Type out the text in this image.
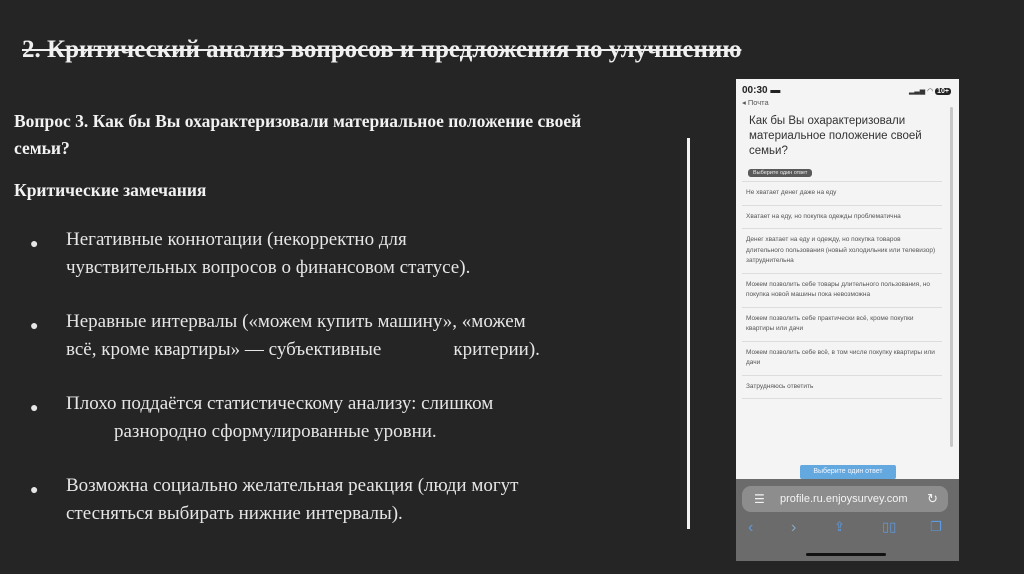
2. Критический анализ вопросов и предложения по улучшению
Вопрос 3. Как бы Вы охарактеризовали материальное положение своей семьи?
Критические замечания
● Негативные коннотации (некорректно для
чувствительных вопросов о финансовом статусе).
● Неравные интервалы («можем купить машину», «можем
всё, кроме квартиры» — субъективные	критерии).
● Плохо поддаётся статистическому анализу: слишком
разнородно сформулированные уровни.
● Возможна социально желательная реакция (люди могут
стесняться выбирать нижние интервалы).
00:30 ▬
◂ Почта
▂▃▅ ◠ 10+
Как бы Вы охарактеризовали материальное положение своей семьи?
Выберите один ответ
Не хватает денег даже на еду
Хватает на еду, но покупка одежды проблематична
Денег хватает на еду и одежду, но покупка товаров длительного пользования (новый холодильник или телевизор) затруднительна
Можем позволить себе товары длительного пользования, но покупка новой машины пока невозможна
Можем позволить себе практически всё, кроме покупки квартиры или дачи
Можем позволить себе всё, в том числе покупку квартиры или дачи
Затрудняюсь ответить
Выберите один ответ
☰ profile.ru.enjoysurvey.com ↻
‹ ›	⇪	▯▯	❐
